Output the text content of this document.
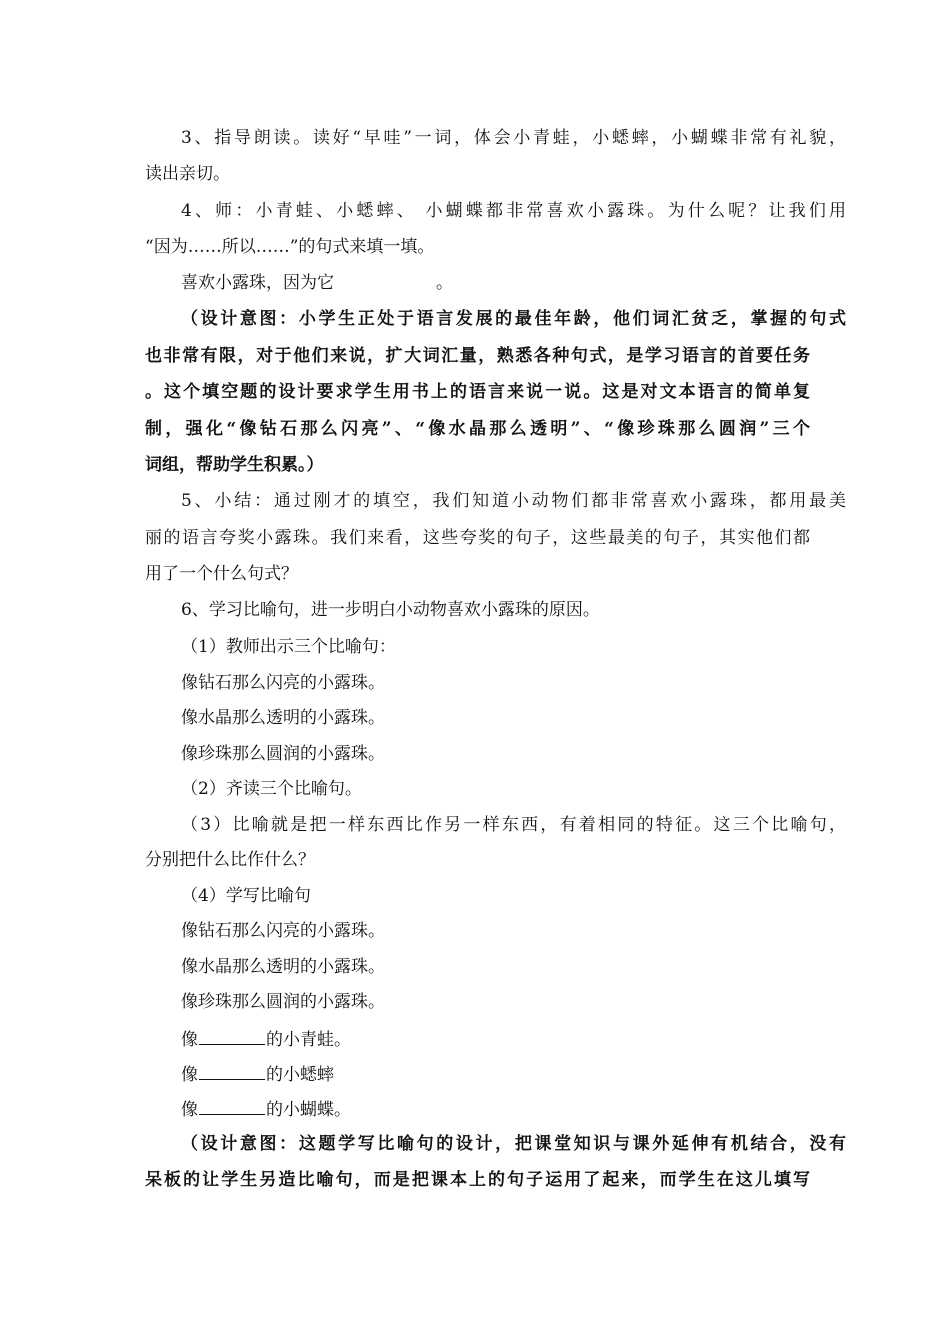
3、指导朗读。读好“早哇”一词，体会小青蛙，小蟋蟀，小蝴蝶非常有礼貌，
读出亲切。
4、师：小青蛙、小蟋蟀、 小蝴蝶都非常喜欢小露珠。为什么呢？让我们用
“因为……所以……”的句式来填一填。
喜欢小露珠，因为它	。
（设计意图：小学生正处于语言发展的最佳年龄，他们词汇贫乏，掌握的句式
也非常有限，对于他们来说，扩大词汇量，熟悉各种句式，是学习语言的首要任务
。这个填空题的设计要求学生用书上的语言来说一说。这是对文本语言的简单复
制，强化“像钻石那么闪亮”、“像水晶那么透明”、“像珍珠那么圆润”三个
词组，帮助学生积累。）
5、小结：通过刚才的填空，我们知道小动物们都非常喜欢小露珠，都用最美
丽的语言夸奖小露珠。我们来看，这些夸奖的句子，这些最美的句子，其实他们都
用了一个什么句式？
6、学习比喻句，进一步明白小动物喜欢小露珠的原因。
（1）教师出示三个比喻句：
像钻石那么闪亮的小露珠。
像水晶那么透明的小露珠。
像珍珠那么圆润的小露珠。
（2）齐读三个比喻句。
（3）比喻就是把一样东西比作另一样东西，有着相同的特征。这三个比喻句，
分别把什么比作什么？
（4）学写比喻句
像钻石那么闪亮的小露珠。
像水晶那么透明的小露珠。
像珍珠那么圆润的小露珠。
像	的小青蛙。
像	的小蟋蟀
像	的小蝴蝶。
（设计意图：这题学写比喻句的设计，把课堂知识与课外延伸有机结合，没有
呆板的让学生另造比喻句，而是把课本上的句子运用了起来，而学生在这儿填写
